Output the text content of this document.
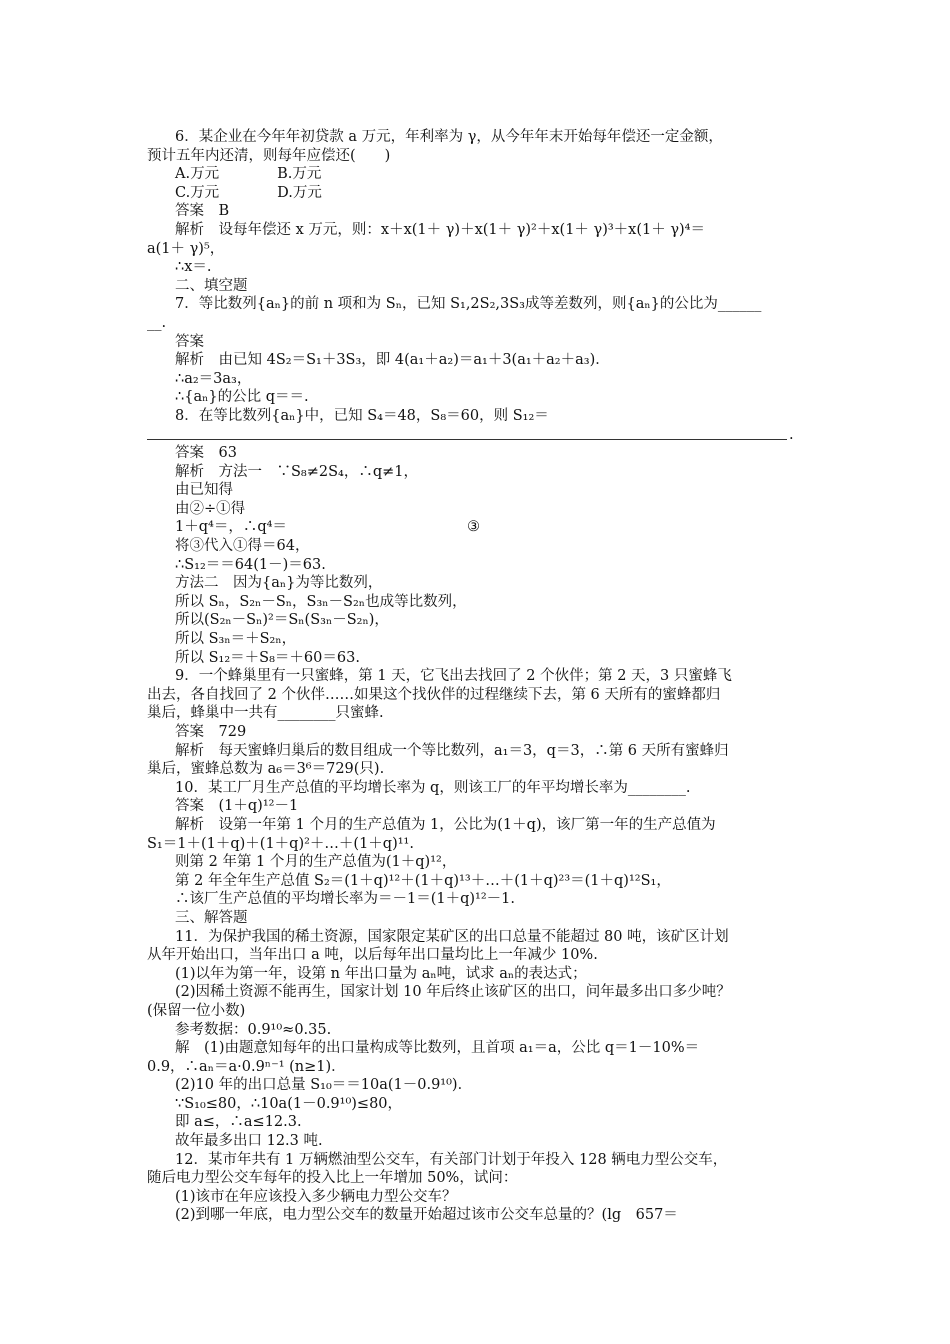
6．某企业在今年年初贷款 a 万元，年利率为 γ，从今年年末开始每年偿还一定金额，
预计五年内还清，则每年应偿还(　　)
A.万元　　　　B.万元
C.万元　　　　D.万元
答案　B
解析　设每年偿还 x 万元，则：x＋x(1＋ γ)＋x(1＋ γ)²＋x(1＋ γ)³＋x(1＋ γ)⁴＝
a(1＋ γ)⁵，
∴x＝.
二、填空题
7．等比数列{aₙ}的前 n 项和为 Sₙ，已知 S₁,2S₂,3S₃成等差数列，则{aₙ}的公比为______
__.
答案
解析　由已知 4S₂＝S₁＋3S₃，即 4(a₁＋a₂)＝a₁＋3(a₁＋a₂＋a₃)．
∴a₂＝3a₃，
∴{aₙ}的公比 q＝＝.
8．在等比数列{aₙ}中，已知 S₄＝48，S₈＝60，则 S₁₂＝
.
答案　63
解析　方法一　∵S₈≠2S₄，∴q≠1，
由已知得
由②÷①得
1＋q⁴＝，∴q⁴＝	③
将③代入①得＝64，
∴S₁₂＝＝64(1－)＝63.
方法二　因为{aₙ}为等比数列，
所以 Sₙ，S₂ₙ－Sₙ，S₃ₙ－S₂ₙ也成等比数列，
所以(S₂ₙ－Sₙ)²＝Sₙ(S₃ₙ－S₂ₙ)，
所以 S₃ₙ＝＋S₂ₙ，
所以 S₁₂＝＋S₈＝＋60＝63.
9．一个蜂巢里有一只蜜蜂，第 1 天，它飞出去找回了 2 个伙伴；第 2 天，3 只蜜蜂飞
出去，各自找回了 2 个伙伴……如果这个找伙伴的过程继续下去，第 6 天所有的蜜蜂都归
巢后，蜂巢中一共有________只蜜蜂.
答案　729
解析　每天蜜蜂归巢后的数目组成一个等比数列，a₁＝3，q＝3，∴第 6 天所有蜜蜂归
巢后，蜜蜂总数为 a₆＝3⁶＝729(只).
10．某工厂月生产总值的平均增长率为 q，则该工厂的年平均增长率为________.
答案　(1＋q)¹²－1
解析　设第一年第 1 个月的生产总值为 1，公比为(1＋q)，该厂第一年的生产总值为
S₁＝1＋(1＋q)＋(1＋q)²＋…＋(1＋q)¹¹.
则第 2 年第 1 个月的生产总值为(1＋q)¹²，
第 2 年全年生产总值 S₂＝(1＋q)¹²＋(1＋q)¹³＋…＋(1＋q)²³＝(1＋q)¹²S₁，
∴该厂生产总值的平均增长率为＝－1＝(1＋q)¹²－1.
三、解答题
11．为保护我国的稀土资源，国家限定某矿区的出口总量不能超过 80 吨，该矿区计划
从年开始出口，当年出口 a 吨，以后每年出口量均比上一年减少 10%.
(1)以年为第一年，设第 n 年出口量为 aₙ吨，试求 aₙ的表达式；
(2)因稀土资源不能再生，国家计划 10 年后终止该矿区的出口，问年最多出口多少吨？
(保留一位小数)
参考数据：0.9¹⁰≈0.35.
解　(1)由题意知每年的出口量构成等比数列，且首项 a₁＝a，公比 q＝1－10%＝
0.9，∴aₙ＝a·0.9ⁿ⁻¹ (n≥1)．
(2)10 年的出口总量 S₁₀＝＝10a(1－0.9¹⁰)．
∵S₁₀≤80，∴10a(1－0.9¹⁰)≤80，
即 a≤，∴a≤12.3.
故年最多出口 12.3 吨.
12．某市年共有 1 万辆燃油型公交车，有关部门计划于年投入 128 辆电力型公交车，
随后电力型公交车每年的投入比上一年增加 50%，试问：
(1)该市在年应该投入多少辆电力型公交车？
(2)到哪一年底，电力型公交车的数量开始超过该市公交车总量的？(lg　657＝
